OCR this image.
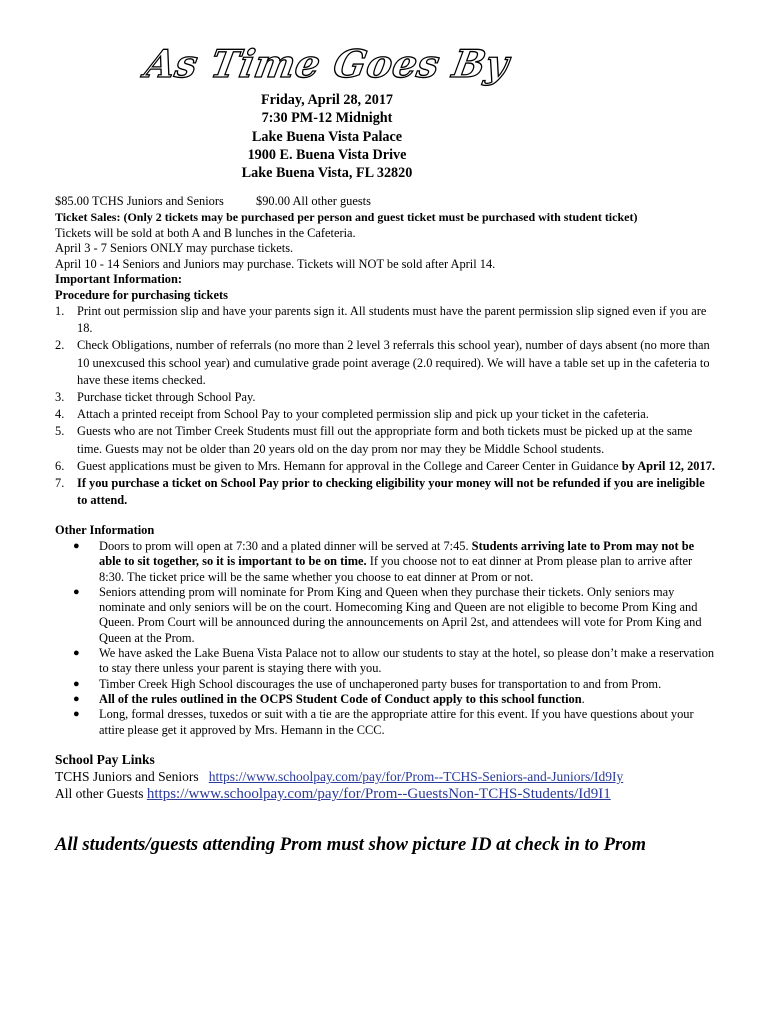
As Time Goes By
Friday, April 28, 2017
7:30 PM-12 Midnight
Lake Buena Vista Palace
1900 E. Buena Vista Drive
Lake Buena Vista, FL 32820
$85.00 TCHS Juniors and Seniors	$90.00 All other guests
Ticket Sales: (Only 2 tickets may be purchased per person and guest ticket must be purchased with student ticket)
Tickets will be sold at both A and B lunches in the Cafeteria.
April 3 - 7 Seniors ONLY may purchase tickets.
April 10 - 14 Seniors and Juniors may purchase. Tickets will NOT be sold after April 14.
Important Information:
Procedure for purchasing tickets
1. Print out permission slip and have your parents sign it. All students must have the parent permission slip signed even if you are 18.
2. Check Obligations, number of referrals (no more than 2 level 3 referrals this school year), number of days absent (no more than 10 unexcused this school year) and cumulative grade point average (2.0 required). We will have a table set up in the cafeteria to have these items checked.
3. Purchase ticket through School Pay.
4. Attach a printed receipt from School Pay to your completed permission slip and pick up your ticket in the cafeteria.
5. Guests who are not Timber Creek Students must fill out the appropriate form and both tickets must be picked up at the same time. Guests may not be older than 20 years old on the day prom nor may they be Middle School students.
6. Guest applications must be given to Mrs. Hemann for approval in the College and Career Center in Guidance by April 12, 2017.
7. If you purchase a ticket on School Pay prior to checking eligibility your money will not be refunded if you are ineligible to attend.
Other Information
● Doors to prom will open at 7:30 and a plated dinner will be served at 7:45. Students arriving late to Prom may not be able to sit together, so it is important to be on time. If you choose not to eat dinner at Prom please plan to arrive after 8:30. The ticket price will be the same whether you choose to eat dinner at Prom or not.
● Seniors attending prom will nominate for Prom King and Queen when they purchase their tickets. Only seniors may nominate and only seniors will be on the court. Homecoming King and Queen are not eligible to become Prom King and Queen. Prom Court will be announced during the announcements on April 2st, and attendees will vote for Prom King and Queen at the Prom.
● We have asked the Lake Buena Vista Palace not to allow our students to stay at the hotel, so please don’t make a reservation to stay there unless your parent is staying there with you.
● Timber Creek High School discourages the use of unchaperoned party buses for transportation to and from Prom.
● All of the rules outlined in the OCPS Student Code of Conduct apply to this school function.
● Long, formal dresses, tuxedos or suit with a tie are the appropriate attire for this event. If you have questions about your attire please get it approved by Mrs. Hemann in the CCC.
School Pay Links
TCHS Juniors and Seniors   https://www.schoolpay.com/pay/for/Prom--TCHS-Seniors-and-Juniors/Id9Iy
All other Guests https://www.schoolpay.com/pay/for/Prom--GuestsNon-TCHS-Students/Id9I1
All students/guests attending Prom must show picture ID at check in to Prom
